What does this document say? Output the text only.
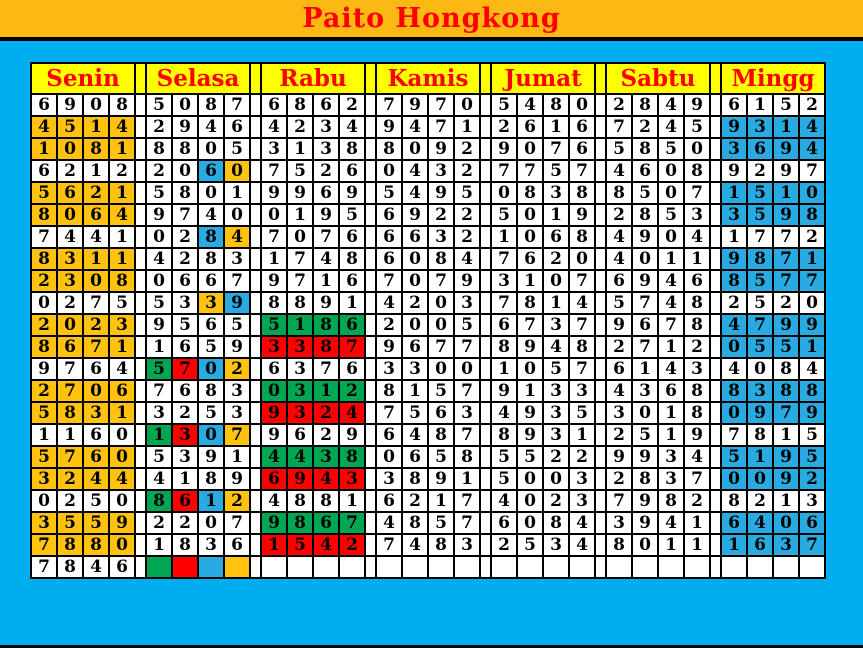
Paito Hongkong
Senin					Selasa					Rabu					Kamis					Jumat					Sabtu					Mingg			
6	9	0	8		5	0	8	7		6	8	6	2		7	9	7	0		5	4	8	0		2	8	4	9		6	1	5	2
4	5	1	4		2	9	4	6		4	2	3	4		9	4	7	1		2	6	1	6		7	2	4	5		9	3	1	4
1	0	8	1		8	8	0	5		3	1	3	8		8	0	9	2		9	0	7	6		5	8	5	0		3	6	9	4
6	2	1	2		2	0	6	0		7	5	2	6		0	4	3	2		7	7	5	7		4	6	0	8		9	2	9	7
5	6	2	1		5	8	0	1		9	9	6	9		5	4	9	5		0	8	3	8		8	5	0	7		1	5	1	0
8	0	6	4		9	7	4	0		0	1	9	5		6	9	2	2		5	0	1	9		2	8	5	3		3	5	9	8
7	4	4	1		0	2	8	4		7	0	7	6		6	6	3	2		1	0	6	8		4	9	0	4		1	7	7	2
8	3	1	1		4	2	8	3		1	7	4	8		6	0	8	4		7	6	2	0		4	0	1	1		9	8	7	1
2	3	0	8		0	6	6	7		9	7	1	6		7	0	7	9		3	1	0	7		6	9	4	6		8	5	7	7
0	2	7	5		5	3	3	9		8	8	9	1		4	2	0	3		7	8	1	4		5	7	4	8		2	5	2	0
2	0	2	3		9	5	6	5		5	1	8	6		2	0	0	5		6	7	3	7		9	6	7	8		4	7	9	9
8	6	7	1		1	6	5	9		3	3	8	7		9	6	7	7		8	9	4	8		2	7	1	2		0	5	5	1
9	7	6	4		5	7	0	2		6	3	7	6		3	3	0	0		1	0	5	7		6	1	4	3		4	0	8	4
2	7	0	6		7	6	8	3		0	3	1	2		8	1	5	7		9	1	3	3		4	3	6	8		8	3	8	8
5	8	3	1		3	2	5	3		9	3	2	4		7	5	6	3		4	9	3	5		3	0	1	8		0	9	7	9
1	1	6	0		1	3	0	7		9	6	2	9		6	4	8	7		8	9	3	1		2	5	1	9		7	8	1	5
5	7	6	0		5	3	9	1		4	4	3	8		0	6	5	8		5	5	2	2		9	9	3	4		5	1	9	5
3	2	4	4		4	1	8	9		6	9	4	3		3	8	9	1		5	0	0	3		2	8	3	7		0	0	9	2
0	2	5	0		8	6	1	2		4	8	8	1		6	2	1	7		4	0	2	3		7	9	8	2		8	2	1	3
3	5	5	9		2	2	0	7		9	8	6	7		4	8	5	7		6	0	8	4		3	9	4	1		6	4	0	6
7	8	8	0		1	8	3	6		1	5	4	2		7	4	8	3		2	5	3	4		8	0	1	1		1	6	3	7
7	8	4	6																														
